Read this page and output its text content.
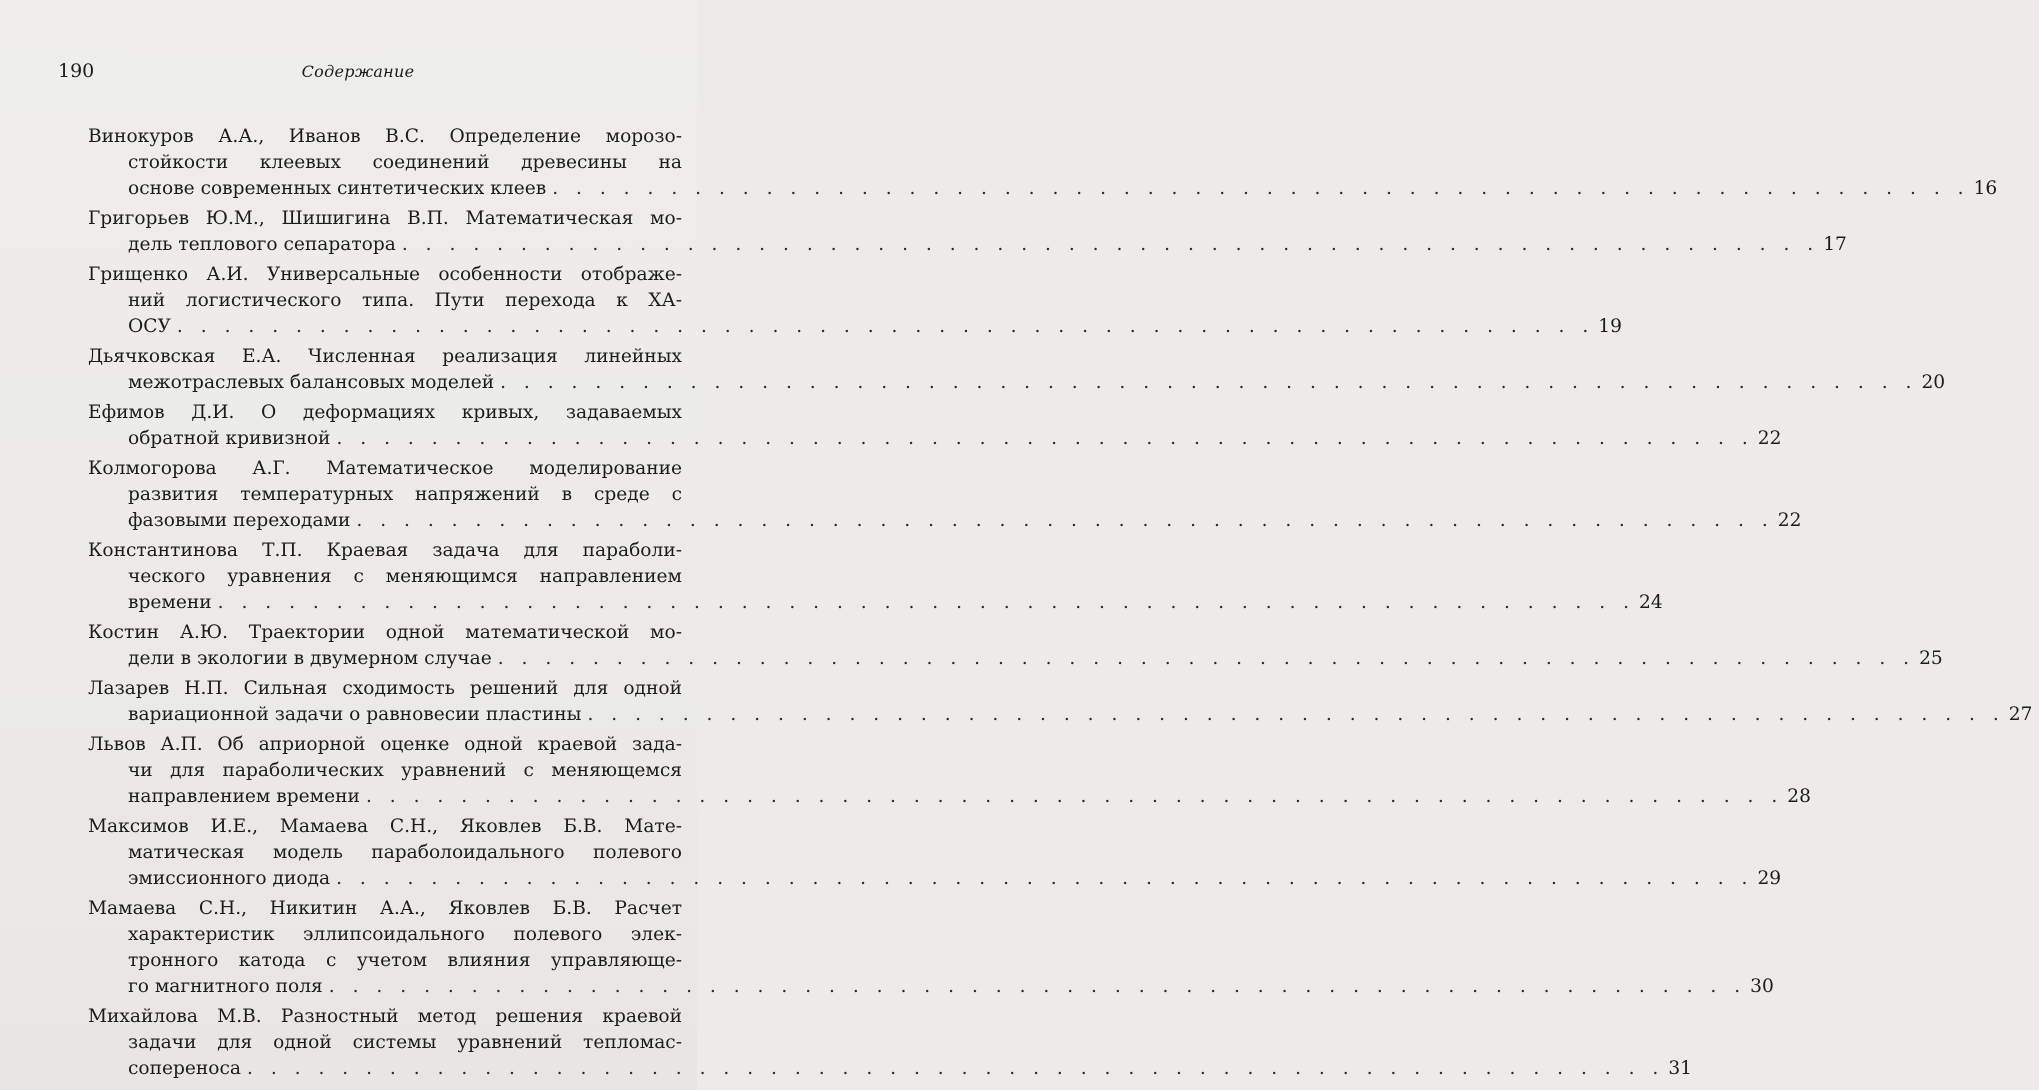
190	Содержание
Винокуров А.А., Иванов В.С. Определение морозо-
стойкости клеевых соединений древесины на
основе современных синтетических клеев . . . . . . . . . . . . . . . . . . . . . . . . . . . . . . . . . . . . . . . . . . . . . . . . . . . . . . . . . . . . 16
Григорьев Ю.М., Шишигина В.П. Математическая мо-
дель теплового сепаратора . . . . . . . . . . . . . . . . . . . . . . . . . . . . . . . . . . . . . . . . . . . . . . . . . . . . . . . . . . . . 17
Грищенко А.И. Универсальные особенности отображе-
ний логистического типа. Пути перехода к ХА-
ОСУ . . . . . . . . . . . . . . . . . . . . . . . . . . . . . . . . . . . . . . . . . . . . . . . . . . . . . . . . . . . . 19
Дьячковская Е.А. Численная реализация линейных
межотраслевых балансовых моделей . . . . . . . . . . . . . . . . . . . . . . . . . . . . . . . . . . . . . . . . . . . . . . . . . . . . . . . . . . . . 20
Ефимов Д.И. О деформациях кривых, задаваемых
обратной кривизной . . . . . . . . . . . . . . . . . . . . . . . . . . . . . . . . . . . . . . . . . . . . . . . . . . . . . . . . . . . . 22
Колмогорова А.Г. Математическое моделирование
развития температурных напряжений в среде с
фазовыми переходами . . . . . . . . . . . . . . . . . . . . . . . . . . . . . . . . . . . . . . . . . . . . . . . . . . . . . . . . . . . . 22
Константинова Т.П. Краевая задача для параболи-
ческого уравнения с меняющимся направлением
времени . . . . . . . . . . . . . . . . . . . . . . . . . . . . . . . . . . . . . . . . . . . . . . . . . . . . . . . . . . . . 24
Костин А.Ю. Траектории одной математической мо-
дели в экологии в двумерном случае . . . . . . . . . . . . . . . . . . . . . . . . . . . . . . . . . . . . . . . . . . . . . . . . . . . . . . . . . . . . 25
Лазарев Н.П. Сильная сходимость решений для одной
вариационной задачи о равновесии пластины . . . . . . . . . . . . . . . . . . . . . . . . . . . . . . . . . . . . . . . . . . . . . . . . . . . . . . . . . . . . 27
Львов А.П. Об априорной оценке одной краевой зада-
чи для параболических уравнений с меняющемся
направлением времени . . . . . . . . . . . . . . . . . . . . . . . . . . . . . . . . . . . . . . . . . . . . . . . . . . . . . . . . . . . . 28
Максимов И.Е., Мамаева С.Н., Яковлев Б.В. Мате-
матическая модель параболоидального полевого
эмиссионного диода . . . . . . . . . . . . . . . . . . . . . . . . . . . . . . . . . . . . . . . . . . . . . . . . . . . . . . . . . . . . 29
Мамаева С.Н., Никитин А.А., Яковлев Б.В. Расчет
характеристик эллипсоидального полевого элек-
тронного катода с учетом влияния управляюще-
го магнитного поля . . . . . . . . . . . . . . . . . . . . . . . . . . . . . . . . . . . . . . . . . . . . . . . . . . . . . . . . . . . . 30
Михайлова М.В. Разностный метод решения краевой
задачи для одной системы уравнений тепломас-
сопереноса . . . . . . . . . . . . . . . . . . . . . . . . . . . . . . . . . . . . . . . . . . . . . . . . . . . . . . . . . . . . 31
